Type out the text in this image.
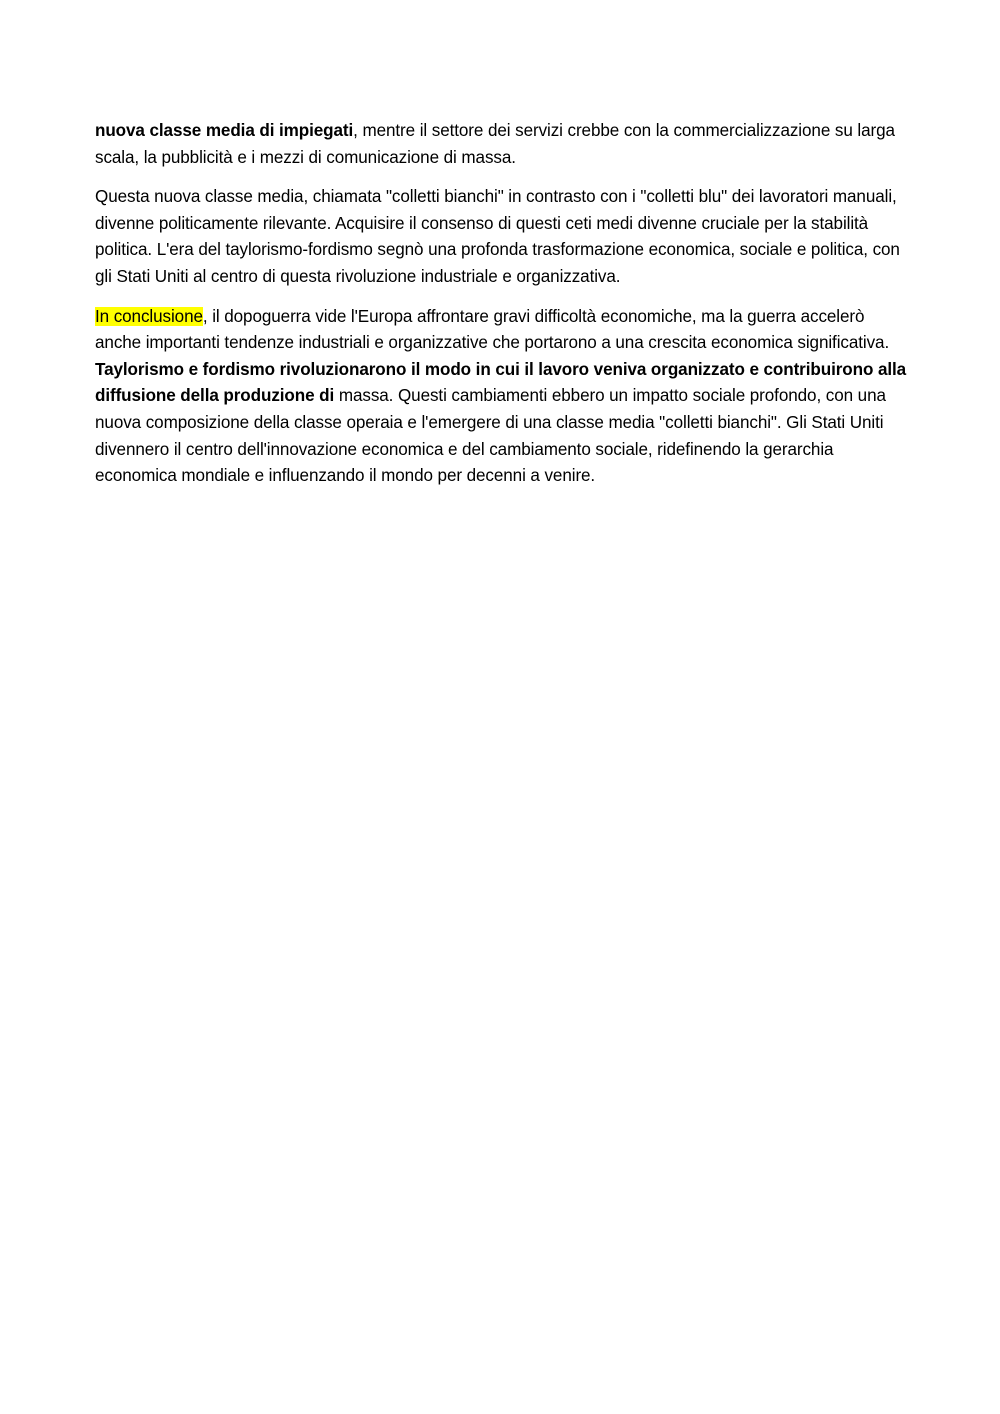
nuova classe media di impiegati, mentre il settore dei servizi crebbe con la commercializzazione su larga scala, la pubblicità e i mezzi di comunicazione di massa.

Questa nuova classe media, chiamata "colletti bianchi" in contrasto con i "colletti blu" dei lavoratori manuali, divenne politicamente rilevante. Acquisire il consenso di questi ceti medi divenne cruciale per la stabilità politica. L'era del taylorismo-fordismo segnò una profonda trasformazione economica, sociale e politica, con gli Stati Uniti al centro di questa rivoluzione industriale e organizzativa.

In conclusione, il dopoguerra vide l'Europa affrontare gravi difficoltà economiche, ma la guerra accelerò anche importanti tendenze industriali e organizzative che portarono a una crescita economica significativa. Taylorismo e fordismo rivoluzionarono il modo in cui il lavoro veniva organizzato e contribuirono alla diffusione della produzione di massa. Questi cambiamenti ebbero un impatto sociale profondo, con una nuova composizione della classe operaia e l'emergere di una classe media "colletti bianchi". Gli Stati Uniti divennero il centro dell'innovazione economica e del cambiamento sociale, ridefinendo la gerarchia economica mondiale e influenzando il mondo per decenni a venire.
